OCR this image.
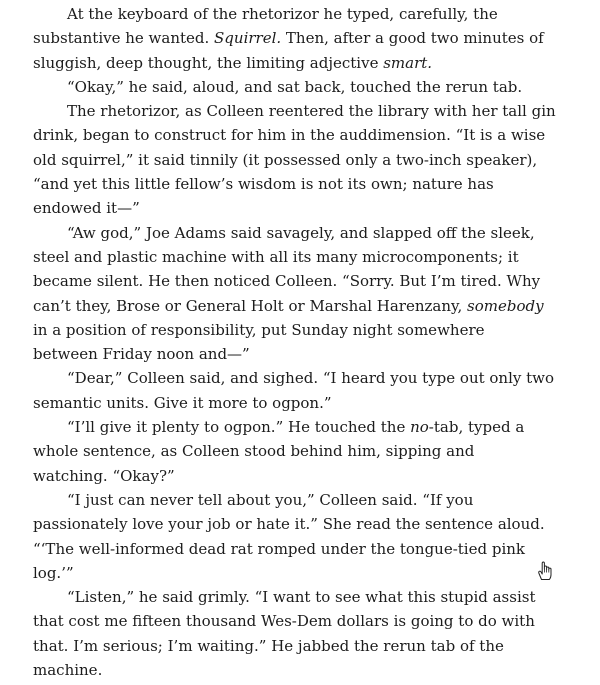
At the keyboard of the rhetorizor he typed, carefully, the
substantive he wanted. Squirrel. Then, after a good two minutes of
sluggish, deep thought, the limiting adjective smart.

“Okay,” he said, aloud, and sat back, touched the rerun tab.

The rhetorizor, as Colleen reentered the library with her tall gin
drink, began to construct for him in the auddimension. “It is a wise
old squirrel,” it said tinnily (it possessed only a two-inch speaker),
“and yet this little fellow’s wisdom is not its own; nature has
endowed it—”

“Aw god,” Joe Adams said savagely, and slapped off the sleek,
steel and plastic machine with all its many microcomponents; it
became silent. He then noticed Colleen. “Sorry. But I’m tired. Why
can’t they, Brose or General Holt or Marshal Harenzany, somebody
in a position of responsibility, put Sunday night somewhere
between Friday noon and—”

“Dear,” Colleen said, and sighed. “I heard you type out only two
semantic units. Give it more to ogpon.”

“I’ll give it plenty to ogpon.” He touched the no-tab, typed a
whole sentence, as Colleen stood behind him, sipping and
watching. “Okay?”

“I just can never tell about you,” Colleen said. “If you
passionately love your job or hate it.” She read the sentence aloud.
“‘The well-informed dead rat romped under the tongue-tied pink
log.’”

“Listen,” he said grimly. “I want to see what this stupid assist
that cost me fifteen thousand Wes-Dem dollars is going to do with
that. I’m serious; I’m waiting.” He jabbed the rerun tab of the
machine.
